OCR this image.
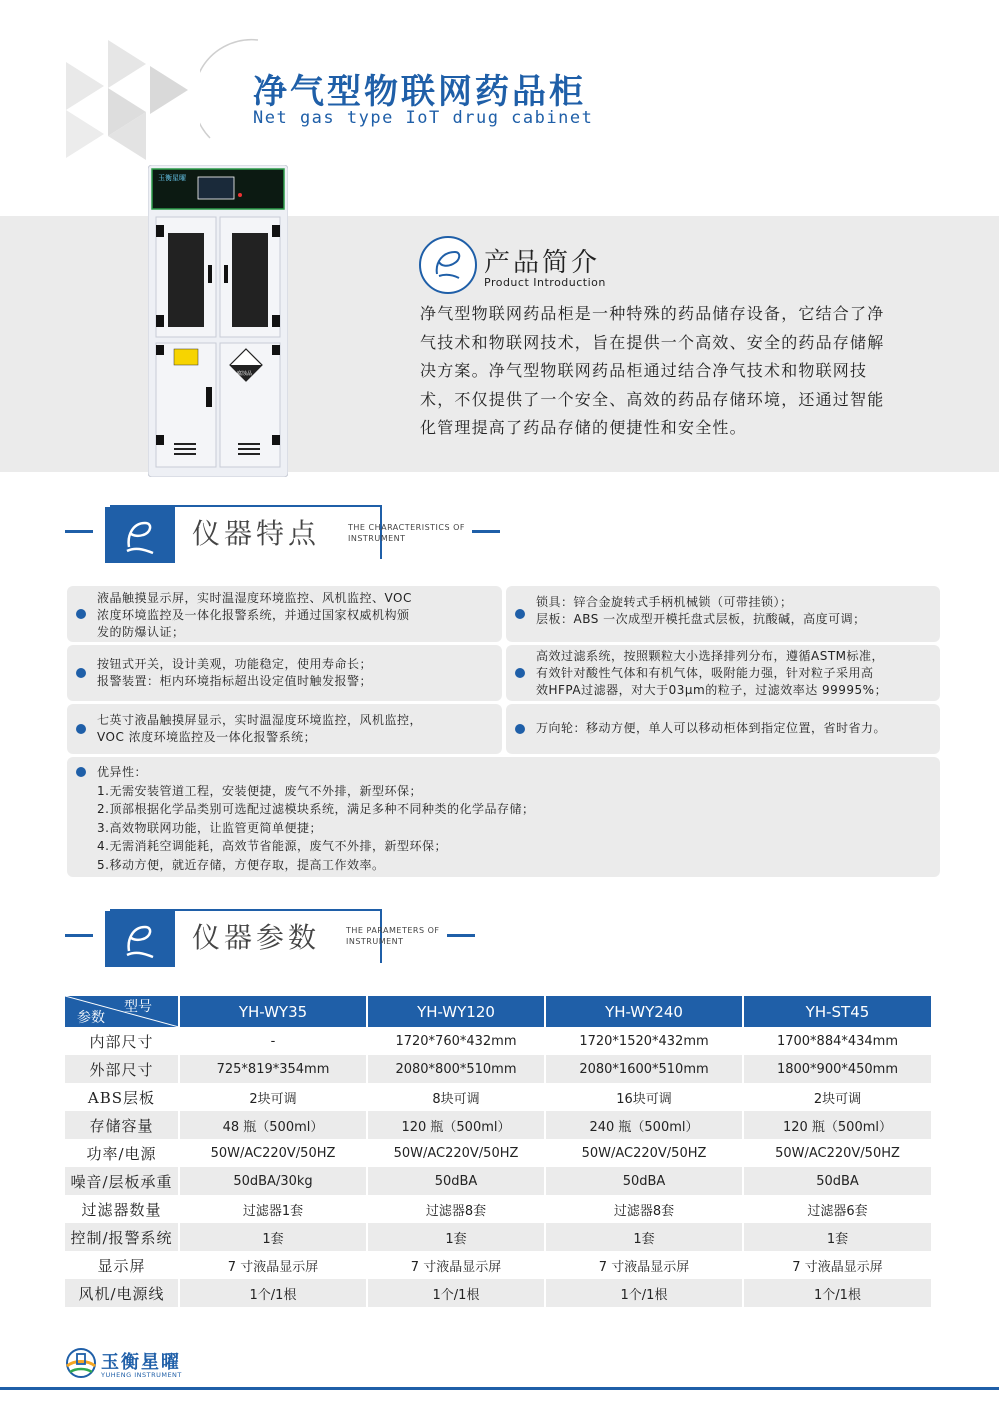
净气型物联网药品柜
Net gas type IoT drug cabinet
玉衡星曜
腐蚀品
产品简介
Product Introduction
净气型物联网药品柜是一种特殊的药品储存设备，它结合了净气技术和物联网技术，旨在提供一个高效、安全的药品存储解决方案。净气型物联网药品柜通过结合净气技术和物联网技术，不仅提供了一个安全、高效的药品存储环境，还通过智能化管理提高了药品存储的便捷性和安全性。
仪器特点	THE CHARACTERISTICS OF
INSTRUMENT
液晶触摸显示屏，实时温湿度环境监控、风机监控、VOC
浓度环境监控及一体化报警系统，并通过国家权威机构颁
发的防爆认证；
锁具：锌合金旋转式手柄机械锁（可带挂锁）；
层板：ABS 一次成型开模托盘式层板，抗酸碱，高度可调；
按钮式开关，设计美观，功能稳定，使用寿命长；
报警装置：柜内环境指标超出设定值时触发报警；
高效过滤系统，按照颗粒大小选择排列分布，遵循ASTM标准，
有效针对酸性气体和有机气体，吸附能力强，针对粒子采用高
效HFPA过滤器，对大于03μm的粒子，过滤效率达 99995%；
七英寸液晶触摸屏显示，实时温湿度环境监控，风机监控，
VOC 浓度环境监控及一体化报警系统；
万向轮：移动方便，单人可以移动柜体到指定位置，省时省力。
优异性：
1.无需安装管道工程，安装便捷，废气不外排，新型环保；
2.顶部根据化学品类别可选配过滤模块系统，满足多种不同种类的化学品存储；
3.高效物联网功能，让监管更简单便捷；
4.无需消耗空调能耗，高效节省能源，废气不外排，新型环保；
5.移动方便，就近存储，方便存取，提高工作效率。
仪器参数	THE PARAMETERS OF
INSTRUMENT
型号
参数	YH-WY35	YH-WY120	YH-WY240	YH-ST45
内部尺寸	-	1720*760*432mm	1720*1520*432mm	1700*884*434mm
外部尺寸	725*819*354mm	2080*800*510mm	2080*1600*510mm	1800*900*450mm
ABS层板	2块可调	8块可调	16块可调	2块可调
存储容量	48 瓶（500ml）	120 瓶（500ml）	240 瓶（500ml）	120 瓶（500ml）
功率/电源	50W/AC220V/50HZ	50W/AC220V/50HZ	50W/AC220V/50HZ	50W/AC220V/50HZ
噪音/层板承重	50dBA/30kg	50dBA	50dBA	50dBA
过滤器数量	过滤器1套	过滤器8套	过滤器8套	过滤器6套
控制/报警系统	1套	1套	1套	1套
显示屏	7 寸液晶显示屏	7 寸液晶显示屏	7 寸液晶显示屏	7 寸液晶显示屏
风机/电源线	1个/1根	1个/1根	1个/1根	1个/1根
玉衡星曜
YUHENG INSTRUMENT
